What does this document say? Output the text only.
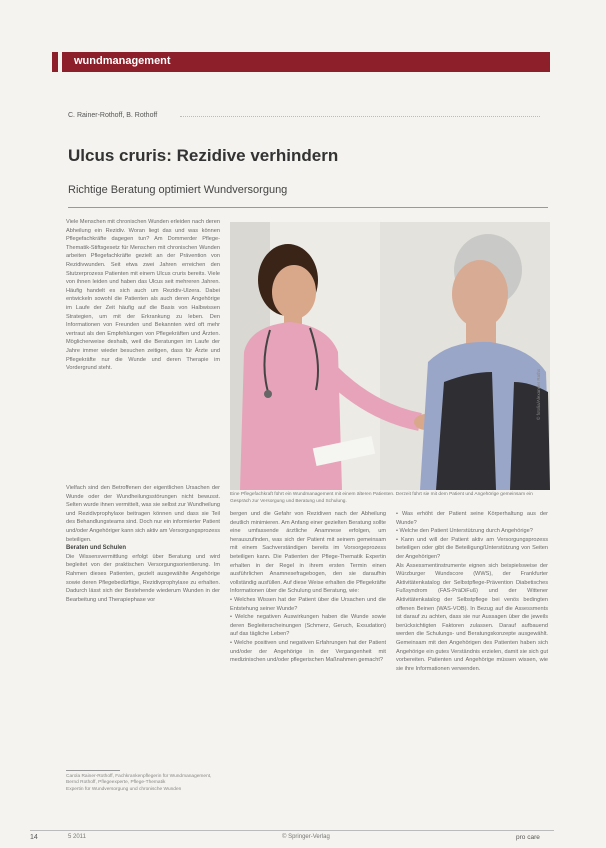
wundmanagement
C. Rainer-Rothoff, B. Rothoff
Ulcus cruris: Rezidive verhindern
Richtige Beratung optimiert Wundversorgung

Viele Menschen mit chronischen Wunden erleiden nach deren Abheilung ein Rezidiv. Woran liegt das und was können Pflegefachkräfte dagegen tun? Am Dommerder Pflege-Thematik-Stiftsgesetz für Menschen mit chronischen Wunden arbeiten Pflegefachkräfte gezielt an der Prävention von Rezidivwunden. Seit etwa zwei Jahren erreichen den Stutzerprozess Patienten mit einem Ulcus cruris bereits. Viele von ihnen leiden und haben das Ulcus seit mehreren Jahren. Häufig handelt es sich auch um Rezidiv-Ulzera. Dabei entwickeln sowohl die Patienten als auch deren Angehörige im Laufe der Zeit häufig auf die Basis von Halbwissen Strategien, um mit der Erkrankung zu leben. Den Informationen von Freunden und Bekannten wird oft mehr vertraut als den Empfehlungen von Pflegekräften und Ärzten. Möglicherweise deshalb, weil die Beratungen im Laufe der Jahre immer wieder besuchen zeitigen, dass für Ärzte und Pflegekräfte nur die Wunde und deren Therapie im Vordergrund steht.

© fotolia/Alexander Raths
Eine Pflegefachkraft führt ein Wundmanagement mit einem älteren Patienten. Derzeit führt sie mit dem Patient und Angehörige gemeinsam ein Gespräch zur Versorgung und Beratung und Schulung.

Vielfach sind den Betroffenen der eigentlichen Ursachen der Wunde oder der Wundheilungsstörungen nicht bewusst. Selten wurde ihnen vermittelt, was sie selbst zur Wundheilung und Rezidivprophylaxe beitragen können und dass sie Teil des Behandlungsteams sind. Doch nur ein informierter Patient und/oder Angehöriger kann sich aktiv am Versorgungsprozess beteiligen.

Beraten und Schulen

Die Wissensvermittlung erfolgt über Beratung und wird begleitet von der praktischen Versorgungsorientierung. Im Rahmen dieses Patienten, gezielt ausgewählte Angehörige sowie deren Pflegebedürftige, Rezidivprophylaxe zu erhalten. Dadurch lässt sich der Bestehende wiederum Wunden in der Bearbeitung und Therapiephase vor

bergen und die Gefahr von Rezidiven nach der Abheilung deutlich minimieren. Am Anfang einer gezielten Beratung sollte eine umfassende ärztliche Anamnese erfolgen, um herauszufinden, was sich der Patient mit seinem gemeinsam mit einem Sachverständigen bereits im Vorsorgeprozess beteiligen kann. Die Patienten der Pflege-Thematik Expertin erhalten in der Regel in ihrem ersten Termin einen ausführlichen Anamnesefragebogen, den sie daraufhin vollständig ausfüllen. Auf diese Weise erhalten die Pflegekräfte Informationen über die Schulung und Beratung, wie:

• Welches Wissen hat der Patient über die Ursachen und die Entstehung seiner Wunde?

• Welche negativen Auswirkungen haben die Wunde sowie deren Begleiterscheinungen (Schmerz, Geruch, Exsudation) auf das tägliche Leben?

• Welche positiven und negativen Erfahrungen hat der Patient und/oder der Angehörige in der Vergangenheit mit medizinischen und/oder pflegerischen Maßnahmen gemacht?

• Was erhöht der Patient seine Körperhaltung aus der Wunde?

• Welche den Patient Unterstützung durch Angehörige?

• Kann und will der Patient aktiv am Versorgungsprozess beteiligen oder gibt die Beteiligung/Unterstützung von Seiten der Angehörigen?

Als Assessmentinstrumente eignen sich beispielsweise der Würzburger Wundscore (WWS), der Frankfurter Aktivitätenkatalog der Selbstpflege-Prävention Diabetisches Fußsyndrom (FAS-PräDiFuß) und der Wittener Aktivitätenkatalog der Selbstpflege bei venös bedingten offenen Beinen (WAS-VOB). In Bezug auf die Assessments ist darauf zu achten, dass sie nur Aussagen über die jeweils berücksichtigten Faktoren zulassen. Darauf aufbauend werden die Schulungs- und Beratungskonzepte ausgewählt. Gemeinsam mit den Angehörigen des Patienten haben sich Angehörige ein gutes Verständnis erzielen, damit sie sich gut vorbereiten. Patienten und Angehörige müssen wissen, wie sie ihre Informationen verwenden.

Carola Rainer-Rothoff, Fachkrankenpflegerin für Wundmanagement,
Bernd Rothoff, Pflegeexperte, Pflege-Thematik
Expertin für Wundversorgung und chronische Wunden
14	5 2011	© Springer-Verlag	pro care
